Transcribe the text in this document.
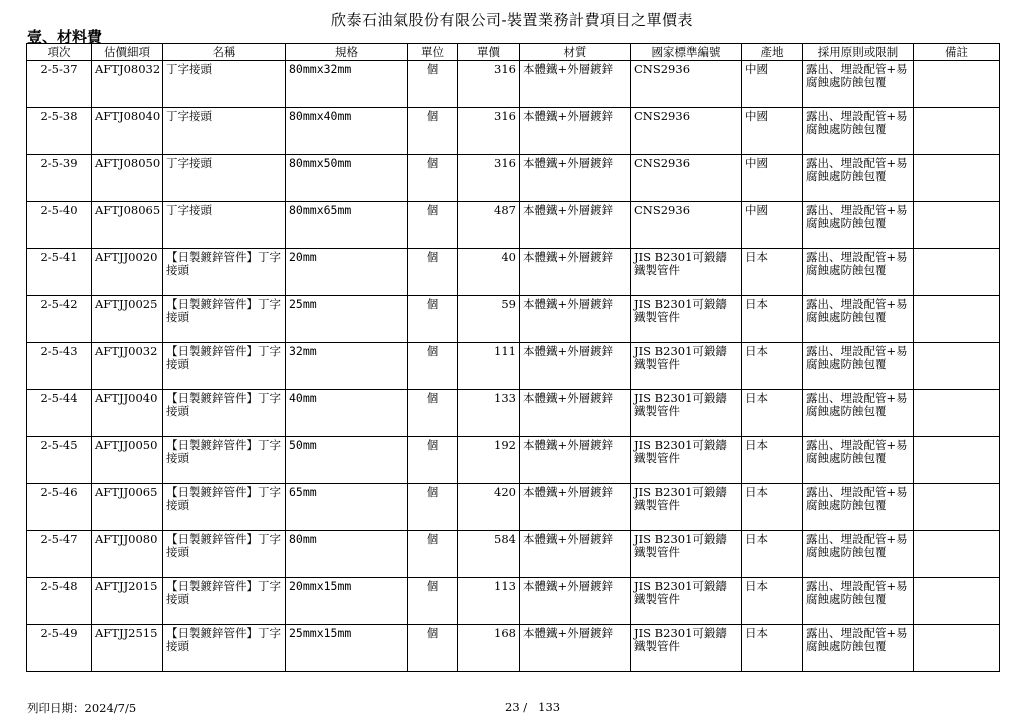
欣泰石油氣股份有限公司-裝置業務計費項目之單價表
壹、材料費
項次	估價細項	名稱	規格	單位	單價	材質	國家標準編號	產地	採用原則或限制	備註
2-5-37	AFTJ08032	丁字接頭	80mmx32mm	個	316	本體鐵+外層鍍鋅	CNS2936	中國	露出、埋設配管+易腐蝕處防蝕包覆	
2-5-38	AFTJ08040	丁字接頭	80mmx40mm	個	316	本體鐵+外層鍍鋅	CNS2936	中國	露出、埋設配管+易腐蝕處防蝕包覆	
2-5-39	AFTJ08050	丁字接頭	80mmx50mm	個	316	本體鐵+外層鍍鋅	CNS2936	中國	露出、埋設配管+易腐蝕處防蝕包覆	
2-5-40	AFTJ08065	丁字接頭	80mmx65mm	個	487	本體鐵+外層鍍鋅	CNS2936	中國	露出、埋設配管+易腐蝕處防蝕包覆	
2-5-41	AFTJJ0020	【日製鍍鋅管件】丁字接頭	20mm	個	40	本體鐵+外層鍍鋅	JIS B2301可鍛鑄鐵製管件	日本	露出、埋設配管+易腐蝕處防蝕包覆	
2-5-42	AFTJJ0025	【日製鍍鋅管件】丁字接頭	25mm	個	59	本體鐵+外層鍍鋅	JIS B2301可鍛鑄鐵製管件	日本	露出、埋設配管+易腐蝕處防蝕包覆	
2-5-43	AFTJJ0032	【日製鍍鋅管件】丁字接頭	32mm	個	111	本體鐵+外層鍍鋅	JIS B2301可鍛鑄鐵製管件	日本	露出、埋設配管+易腐蝕處防蝕包覆	
2-5-44	AFTJJ0040	【日製鍍鋅管件】丁字接頭	40mm	個	133	本體鐵+外層鍍鋅	JIS B2301可鍛鑄鐵製管件	日本	露出、埋設配管+易腐蝕處防蝕包覆	
2-5-45	AFTJJ0050	【日製鍍鋅管件】丁字接頭	50mm	個	192	本體鐵+外層鍍鋅	JIS B2301可鍛鑄鐵製管件	日本	露出、埋設配管+易腐蝕處防蝕包覆	
2-5-46	AFTJJ0065	【日製鍍鋅管件】丁字接頭	65mm	個	420	本體鐵+外層鍍鋅	JIS B2301可鍛鑄鐵製管件	日本	露出、埋設配管+易腐蝕處防蝕包覆	
2-5-47	AFTJJ0080	【日製鍍鋅管件】丁字接頭	80mm	個	584	本體鐵+外層鍍鋅	JIS B2301可鍛鑄鐵製管件	日本	露出、埋設配管+易腐蝕處防蝕包覆	
2-5-48	AFTJJ2015	【日製鍍鋅管件】丁字接頭	20mmx15mm	個	113	本體鐵+外層鍍鋅	JIS B2301可鍛鑄鐵製管件	日本	露出、埋設配管+易腐蝕處防蝕包覆	
2-5-49	AFTJJ2515	【日製鍍鋅管件】丁字接頭	25mmx15mm	個	168	本體鐵+外層鍍鋅	JIS B2301可鍛鑄鐵製管件	日本	露出、埋設配管+易腐蝕處防蝕包覆	
列印日期：2024/7/5	23 /   133
